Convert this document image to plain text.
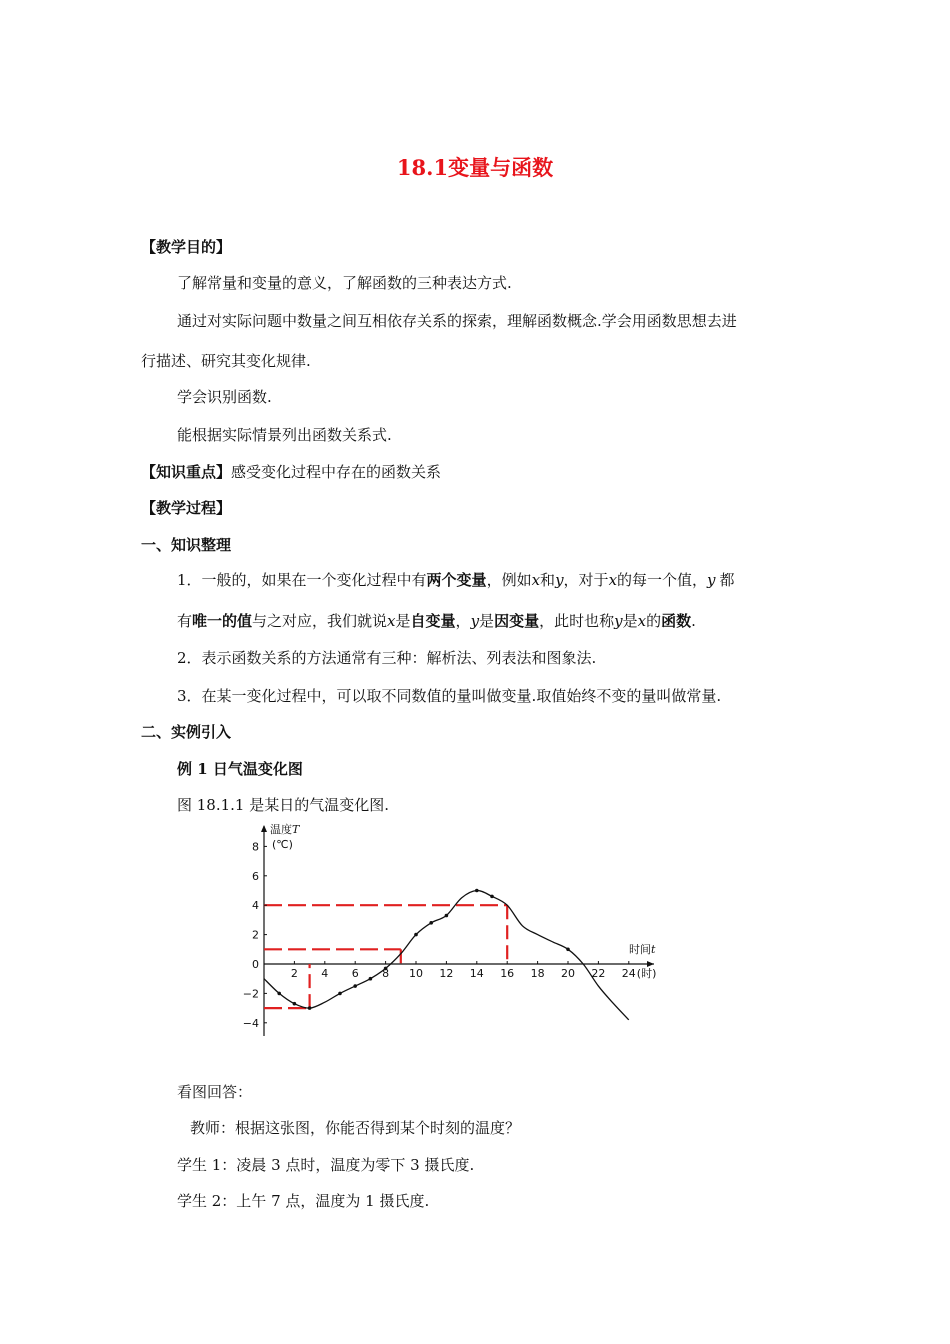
18.1变量与函数
【教学目的】
了解常量和变量的意义，了解函数的三种表达方式.
通过对实际问题中数量之间互相依存关系的探索，理解函数概念.学会用函数思想去进
行描述、研究其变化规律.
学会识别函数.
能根据实际情景列出函数关系式.
【知识重点】感受变化过程中存在的函数关系
【教学过程】
一、知识整理
1．一般的，如果在一个变化过程中有两个变量，例如x和y，对于x的每一个值，y 都
有唯一的值与之对应，我们就说x是自变量，y是因变量，此时也称y是x的函数.
2．表示函数关系的方法通常有三种：解析法、列表法和图象法.
3．在某一变化过程中，可以取不同数值的量叫做变量.取值始终不变的量叫做常量.
二、实例引入
例 1 日气温变化图
图 18.1.1 是某日的气温变化图.
2 4 6 8 10 12 14 16 18 20 22 24
8
6
4
2
−2
−4
0
(时)
温度T
(℃)
时间t
看图回答：
教师：根据这张图，你能否得到某个时刻的温度？
学生 1：凌晨 3 点时，温度为零下 3 摄氏度.
学生 2：上午 7 点，温度为 1 摄氏度.
